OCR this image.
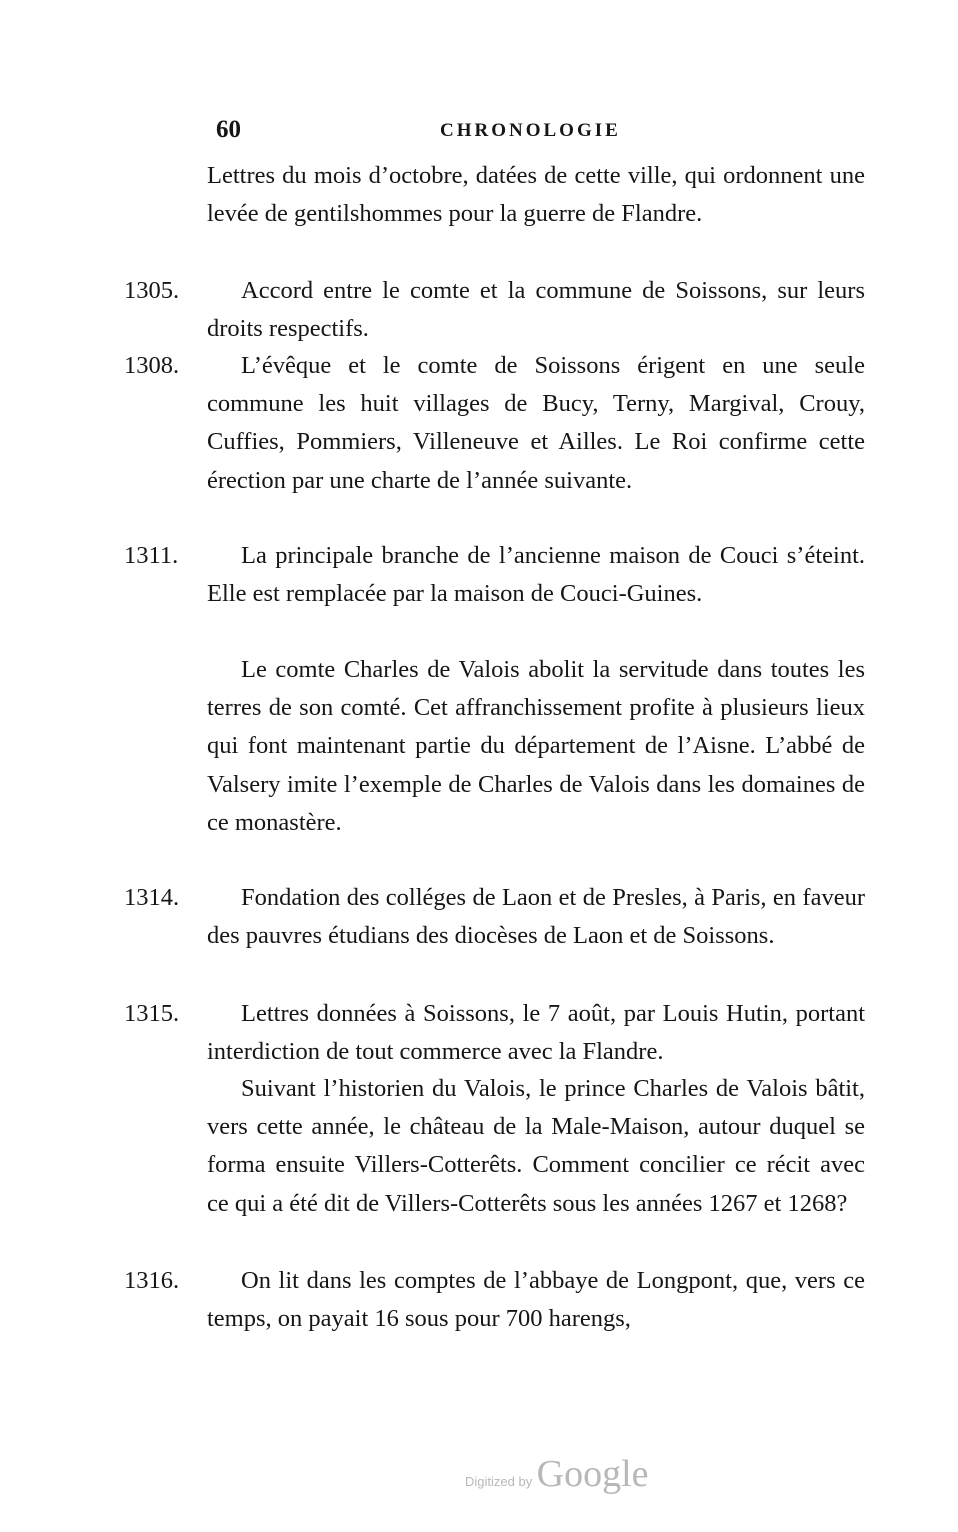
60	CHRONOLOGIE
Lettres du mois d’octobre, datées de cette ville, qui ordonnent une levée de gentilshommes pour la guerre de Flandre.
1305.	Accord entre le comte et la commune de Soissons, sur leurs droits respectifs.
1308.	L’évêque et le comte de Soissons érigent en une seule commune les huit villages de Bucy, Terny, Margival, Crouy, Cuffies, Pommiers, Villeneuve et Ailles. Le Roi confirme cette érection par une charte de l’année suivante.
1311.	La principale branche de l’ancienne maison de Couci s’éteint. Elle est remplacée par la maison de Couci-Guines.
Le comte Charles de Valois abolit la servitude dans toutes les terres de son comté. Cet affranchissement profite à plusieurs lieux qui font maintenant partie du département de l’Aisne. L’abbé de Valsery imite l’exemple de Charles de Valois dans les domaines de ce monastère.
1314.	Fondation des colléges de Laon et de Presles, à Paris, en faveur des pauvres étudians des diocèses de Laon et de Soissons.
1315.	Lettres données à Soissons, le 7 août, par Louis Hutin, portant interdiction de tout commerce avec la Flandre.
Suivant l’historien du Valois, le prince Charles de Valois bâtit, vers cette année, le château de la Male-Maison, autour duquel se forma ensuite Villers-Cotterêts. Comment concilier ce récit avec ce qui a été dit de Villers-Cotterêts sous les années 1267 et 1268?
1316.	On lit dans les comptes de l’abbaye de Longpont, que, vers ce temps, on payait 16 sous pour 700 harengs,
Digitized by Google
